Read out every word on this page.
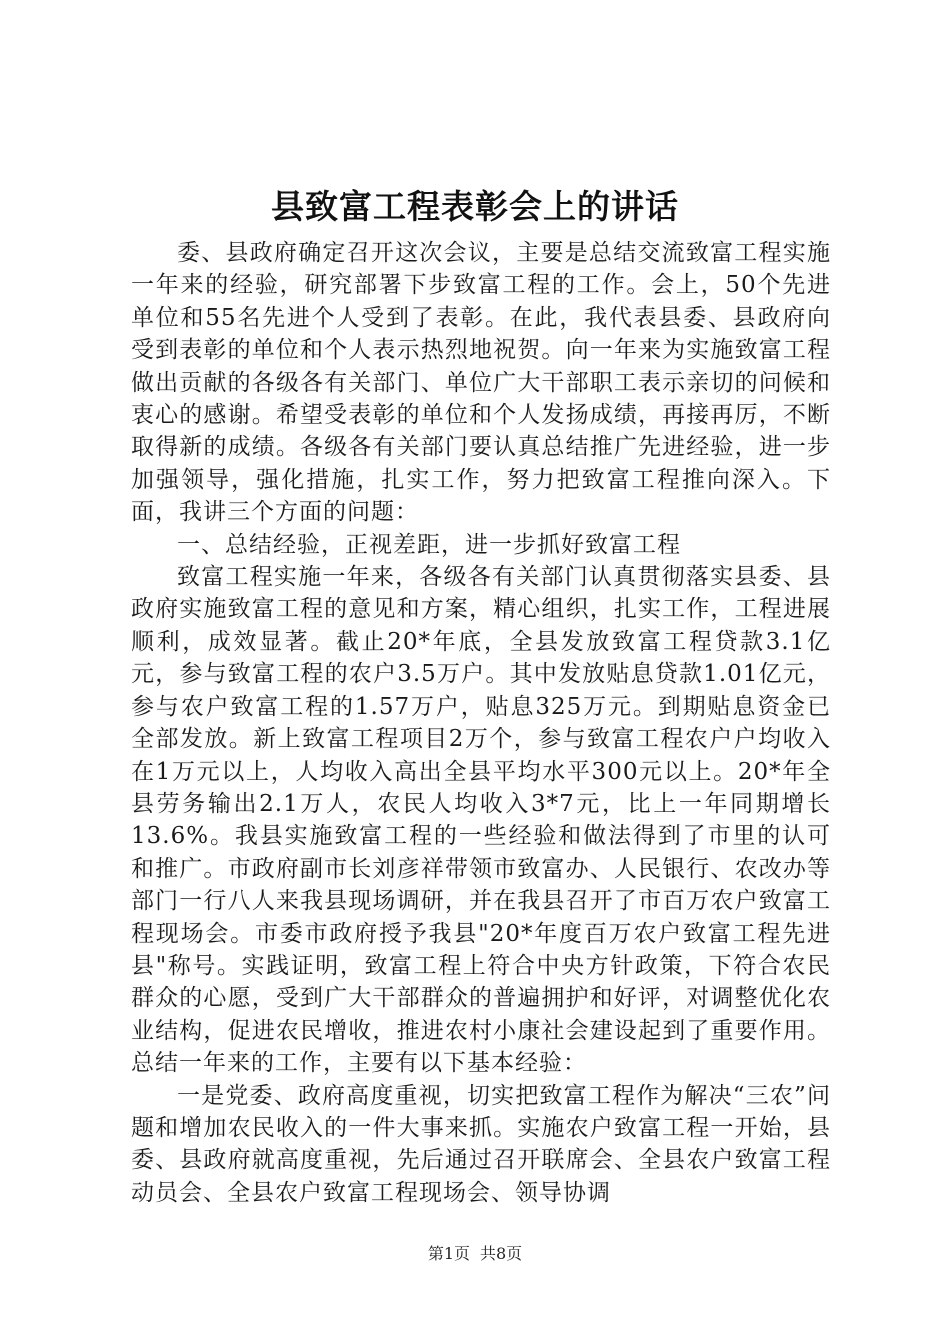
县致富工程表彰会上的讲话

委、县政府确定召开这次会议，主要是总结交流致富工程实施一年来的经验，研究部署下步致富工程的工作。会上，50个先进单位和55名先进个人受到了表彰。在此，我代表县委、县政府向受到表彰的单位和个人表示热烈地祝贺。向一年来为实施致富工程做出贡献的各级各有关部门、单位广大干部职工表示亲切的问候和衷心的感谢。希望受表彰的单位和个人发扬成绩，再接再厉，不断取得新的成绩。各级各有关部门要认真总结推广先进经验，进一步加强领导，强化措施，扎实工作，努力把致富工程推向深入。下面，我讲三个方面的问题：

一、总结经验，正视差距，进一步抓好致富工程

致富工程实施一年来，各级各有关部门认真贯彻落实县委、县政府实施致富工程的意见和方案，精心组织，扎实工作，工程进展顺利，成效显著。截止20*年底，全县发放致富工程贷款3.1亿元，参与致富工程的农户3.5万户。其中发放贴息贷款1.01亿元，参与农户致富工程的1.57万户，贴息325万元。到期贴息资金已全部发放。新上致富工程项目2万个，参与致富工程农户户均收入在1万元以上，人均收入高出全县平均水平300元以上。20*年全县劳务输出2.1万人，农民人均收入3*7元，比上一年同期增长13.6%。我县实施致富工程的一些经验和做法得到了市里的认可和推广。市政府副市长刘彦祥带领市致富办、人民银行、农改办等部门一行八人来我县现场调研，并在我县召开了市百万农户致富工程现场会。市委市政府授予我县"20*年度百万农户致富工程先进县"称号。实践证明，致富工程上符合中央方针政策，下符合农民群众的心愿，受到广大干部群众的普遍拥护和好评，对调整优化农业结构，促进农民增收，推进农村小康社会建设起到了重要作用。总结一年来的工作，主要有以下基本经验：

一是党委、政府高度重视，切实把致富工程作为解决“三农”问题和增加农民收入的一件大事来抓。实施农户致富工程一开始，县委、县政府就高度重视，先后通过召开联席会、全县农户致富工程动员会、全县农户致富工程现场会、领导协调

第1页 共8页
